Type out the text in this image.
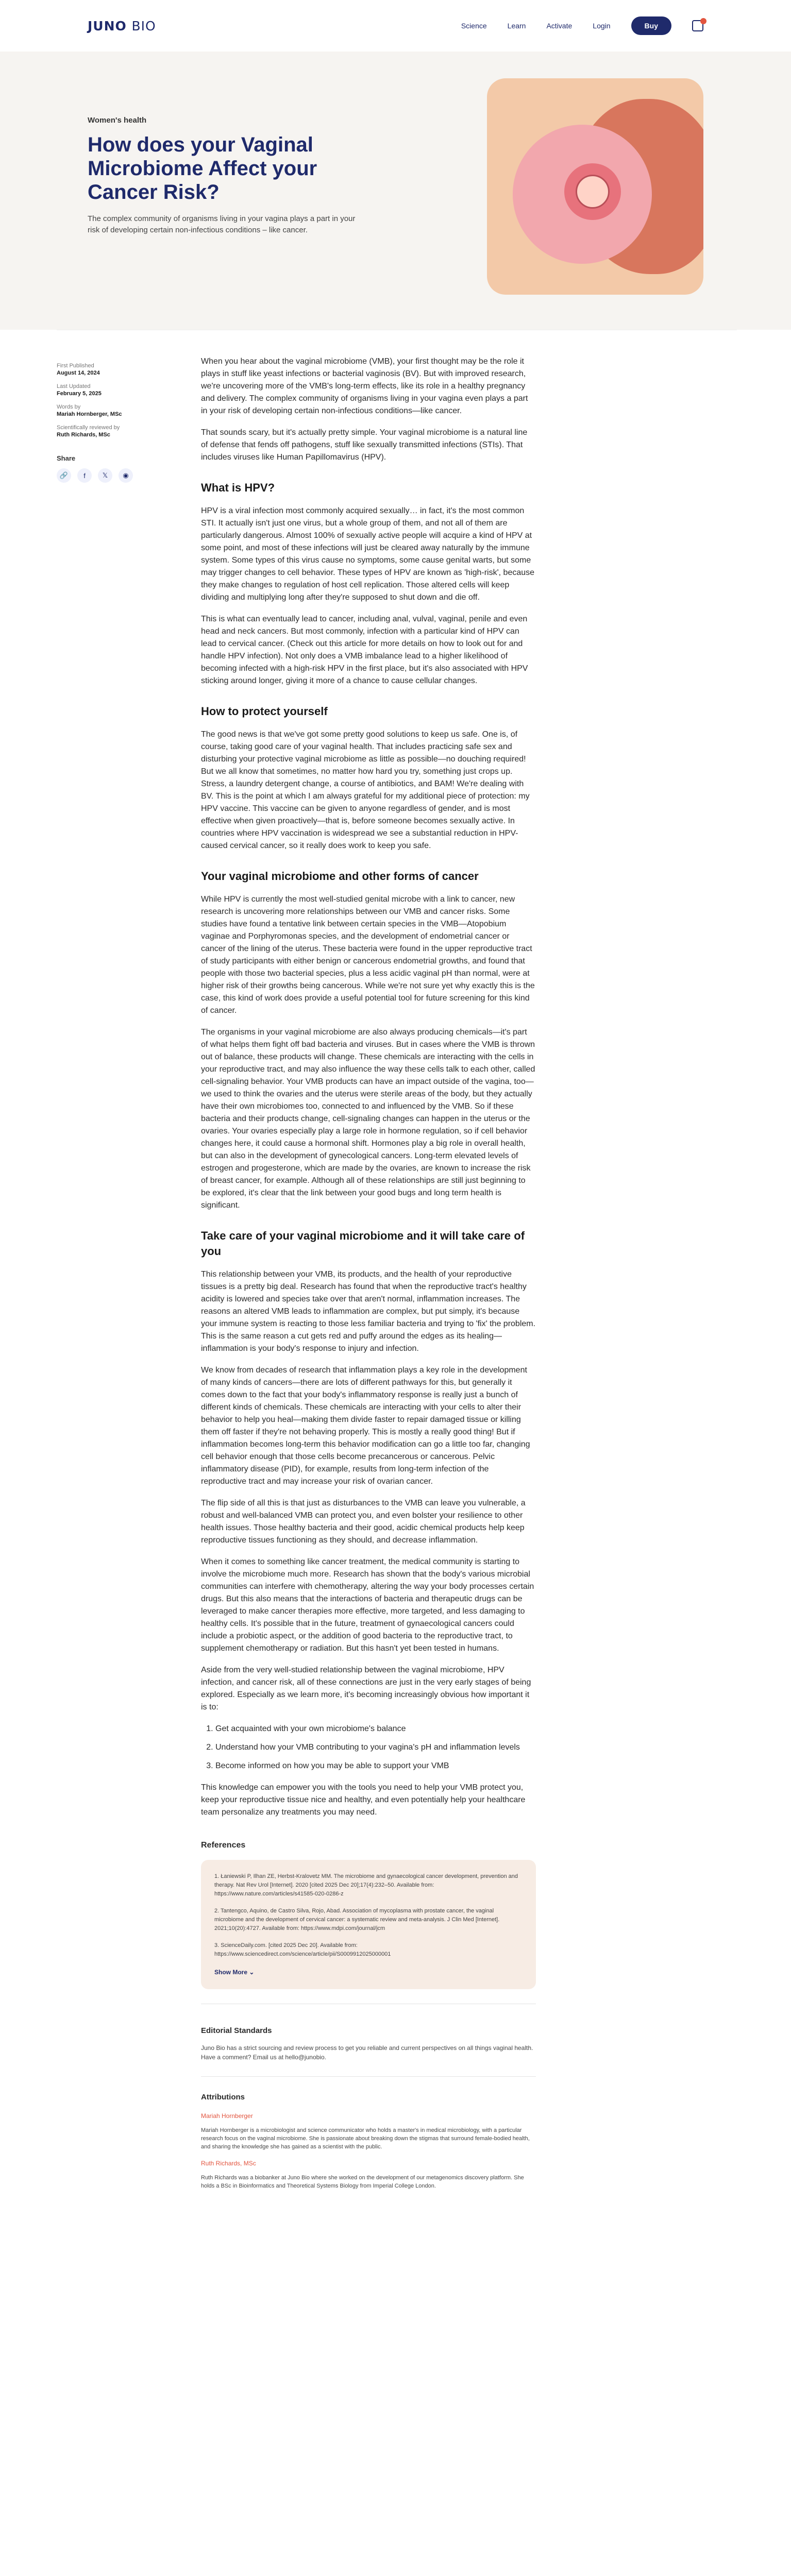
JUNO BIO	Science	Learn	Activate	Login	Buy
Women's health
How does your Vaginal Microbiome Affect your Cancer Risk?
The complex community of organisms living in your vagina plays a part in your risk of developing certain non-infectious conditions – like cancer.
First Published
August 14, 2024
Last Updated
February 5, 2025
Words by
Mariah Hornberger, MSc
Scientifically reviewed by
Ruth Richards, MSc
Share
🔗	f	𝕏	◉

When you hear about the vaginal microbiome (VMB), your first thought may be the role it plays in stuff like yeast infections or bacterial vaginosis (BV). But with improved research, we're uncovering more of the VMB's long-term effects, like its role in a healthy pregnancy and delivery. The complex community of organisms living in your vagina even plays a part in your risk of developing certain non-infectious conditions—like cancer.

That sounds scary, but it's actually pretty simple. Your vaginal microbiome is a natural line of defense that fends off pathogens, stuff like sexually transmitted infections (STIs). That includes viruses like Human Papillomavirus (HPV).

What is HPV?

HPV is a viral infection most commonly acquired sexually… in fact, it's the most common STI. It actually isn't just one virus, but a whole group of them, and not all of them are particularly dangerous. Almost 100% of sexually active people will acquire a kind of HPV at some point, and most of these infections will just be cleared away naturally by the immune system. Some types of this virus cause no symptoms, some cause genital warts, but some may trigger changes to cell behavior. These types of HPV are known as 'high-risk', because they make changes to regulation of host cell replication. Those altered cells will keep dividing and multiplying long after they're supposed to shut down and die off.

This is what can eventually lead to cancer, including anal, vulval, vaginal, penile and even head and neck cancers. But most commonly, infection with a particular kind of HPV can lead to cervical cancer. (Check out this article for more details on how to look out for and handle HPV infection). Not only does a VMB imbalance lead to a higher likelihood of becoming infected with a high-risk HPV in the first place, but it's also associated with HPV sticking around longer, giving it more of a chance to cause cellular changes.

How to protect yourself

The good news is that we've got some pretty good solutions to keep us safe. One is, of course, taking good care of your vaginal health. That includes practicing safe sex and disturbing your protective vaginal microbiome as little as possible—no douching required! But we all know that sometimes, no matter how hard you try, something just crops up. Stress, a laundry detergent change, a course of antibiotics, and BAM! We're dealing with BV. This is the point at which I am always grateful for my additional piece of protection: my HPV vaccine. This vaccine can be given to anyone regardless of gender, and is most effective when given proactively—that is, before someone becomes sexually active. In countries where HPV vaccination is widespread we see a substantial reduction in HPV-caused cervical cancer, so it really does work to keep you safe.

Your vaginal microbiome and other forms of cancer

While HPV is currently the most well-studied genital microbe with a link to cancer, new research is uncovering more relationships between our VMB and cancer risks. Some studies have found a tentative link between certain species in the VMB—Atopobium vaginae and Porphyromonas species, and the development of endometrial cancer or cancer of the lining of the uterus. These bacteria were found in the upper reproductive tract of study participants with either benign or cancerous endometrial growths, and found that people with those two bacterial species, plus a less acidic vaginal pH than normal, were at higher risk of their growths being cancerous. While we're not sure yet why exactly this is the case, this kind of work does provide a useful potential tool for future screening for this kind of cancer.

The organisms in your vaginal microbiome are also always producing chemicals—it's part of what helps them fight off bad bacteria and viruses. But in cases where the VMB is thrown out of balance, these products will change. These chemicals are interacting with the cells in your reproductive tract, and may also influence the way these cells talk to each other, called cell-signaling behavior. Your VMB products can have an impact outside of the vagina, too—we used to think the ovaries and the uterus were sterile areas of the body, but they actually have their own microbiomes too, connected to and influenced by the VMB. So if these bacteria and their products change, cell-signaling changes can happen in the uterus or the ovaries. Your ovaries especially play a large role in hormone regulation, so if cell behavior changes here, it could cause a hormonal shift. Hormones play a big role in overall health, but can also in the development of gynecological cancers. Long-term elevated levels of estrogen and progesterone, which are made by the ovaries, are known to increase the risk of breast cancer, for example. Although all of these relationships are still just beginning to be explored, it's clear that the link between your good bugs and long term health is significant.

Take care of your vaginal microbiome and it will take care of you

This relationship between your VMB, its products, and the health of your reproductive tissues is a pretty big deal. Research has found that when the reproductive tract's healthy acidity is lowered and species take over that aren't normal, inflammation increases. The reasons an altered VMB leads to inflammation are complex, but put simply, it's because your immune system is reacting to those less familiar bacteria and trying to 'fix' the problem. This is the same reason a cut gets red and puffy around the edges as its healing—inflammation is your body's response to injury and infection.

We know from decades of research that inflammation plays a key role in the development of many kinds of cancers—there are lots of different pathways for this, but generally it comes down to the fact that your body's inflammatory response is really just a bunch of different kinds of chemicals. These chemicals are interacting with your cells to alter their behavior to help you heal—making them divide faster to repair damaged tissue or killing them off faster if they're not behaving properly. This is mostly a really good thing! But if inflammation becomes long-term this behavior modification can go a little too far, changing cell behavior enough that those cells become precancerous or cancerous. Pelvic inflammatory disease (PID), for example, results from long-term infection of the reproductive tract and may increase your risk of ovarian cancer.

The flip side of all this is that just as disturbances to the VMB can leave you vulnerable, a robust and well-balanced VMB can protect you, and even bolster your resilience to other health issues. Those healthy bacteria and their good, acidic chemical products help keep reproductive tissues functioning as they should, and decrease inflammation.

When it comes to something like cancer treatment, the medical community is starting to involve the microbiome much more. Research has shown that the body's various microbial communities can interfere with chemotherapy, altering the way your body processes certain drugs. But this also means that the interactions of bacteria and therapeutic drugs can be leveraged to make cancer therapies more effective, more targeted, and less damaging to healthy cells. It's possible that in the future, treatment of gynaecological cancers could include a probiotic aspect, or the addition of good bacteria to the reproductive tract, to supplement chemotherapy or radiation. But this hasn't yet been tested in humans.

Aside from the very well-studied relationship between the vaginal microbiome, HPV infection, and cancer risk, all of these connections are just in the very early stages of being explored. Especially as we learn more, it's becoming increasingly obvious how important it is to:

1. Get acquainted with your own microbiome's balance
2. Understand how your VMB contributing to your vagina's pH and inflammation levels
3. Become informed on how you may be able to support your VMB

This knowledge can empower you with the tools you need to help your VMB protect you, keep your reproductive tissue nice and healthy, and even potentially help your healthcare team personalize any treatments you may need.

References
1. Łaniewski P, Ilhan ZE, Herbst-Kralovetz MM. The microbiome and gynaecological cancer development, prevention and therapy. Nat Rev Urol [Internet]. 2020 [cited 2025 Dec 20];17(4):232–50. Available from: https://www.nature.com/articles/s41585-020-0286-z
2. Tantengco, Aquino, de Castro Silva, Rojo, Abad. Association of mycoplasma with prostate cancer, the vaginal microbiome and the development of cervical cancer: a systematic review and meta-analysis. J Clin Med [Internet]. 2021;10(20):4727. Available from: https://www.mdpi.com/journal/jcm
3. ScienceDaily.com. [cited 2025 Dec 20]. Available from: https://www.sciencedirect.com/science/article/pii/S0009912025000001
Show More ⌄
Editorial Standards
Juno Bio has a strict sourcing and review process to get you reliable and current perspectives on all things vaginal health. Have a comment? Email us at hello@junobio.
Attributions
Mariah Hornberger
Mariah Hornberger is a microbiologist and science communicator who holds a master's in medical microbiology, with a particular research focus on the vaginal microbiome. She is passionate about breaking down the stigmas that surround female-bodied health, and sharing the knowledge she has gained as a scientist with the public.
Ruth Richards, MSc
Ruth Richards was a biobanker at Juno Bio where she worked on the development of our metagenomics discovery platform. She holds a BSc in Bioinformatics and Theoretical Systems Biology from Imperial College London.
